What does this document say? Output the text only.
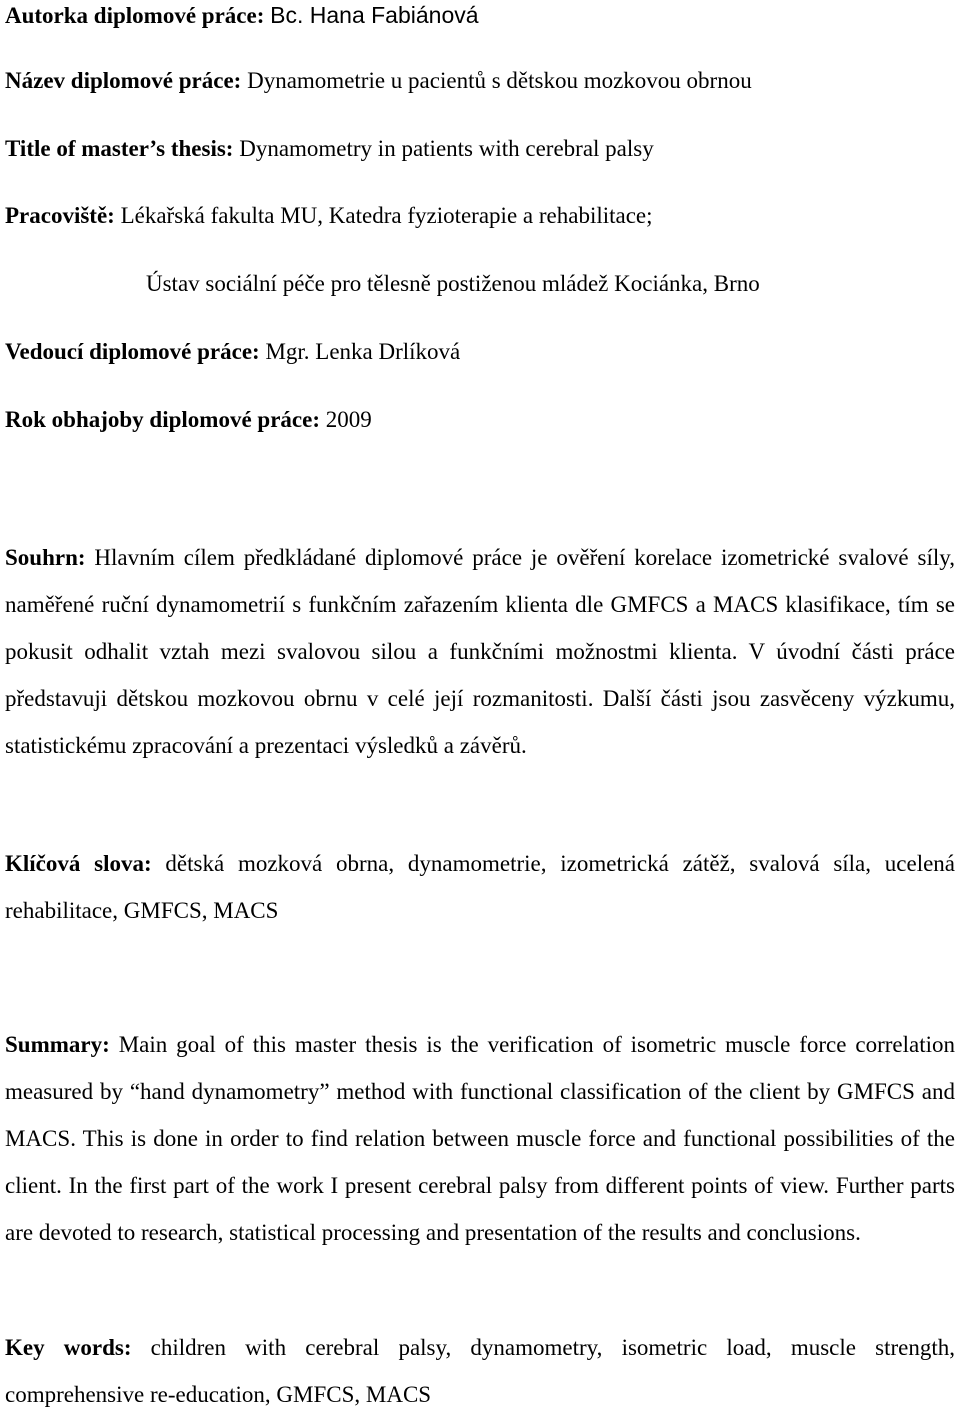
Autorka diplomové práce: Bc. Hana Fabiánová
Název diplomové práce: Dynamometrie u pacientů s dětskou mozkovou obrnou
Title of master’s thesis: Dynamometry in patients with cerebral palsy
Pracoviště: Lékařská fakulta MU, Katedra fyzioterapie a rehabilitace;
Ústav sociální péče pro tělesně postiženou mládež Kociánka, Brno
Vedoucí diplomové práce: Mgr. Lenka Drlíková
Rok obhajoby diplomové práce: 2009
Souhrn: Hlavním cílem předkládané diplomové práce je ověření korelace izometrické svalové síly, naměřené ruční dynamometrií s funkčním zařazením klienta dle GMFCS a MACS klasifikace, tím se pokusit odhalit vztah mezi svalovou silou a funkčními možnostmi klienta. V úvodní části práce představuji dětskou mozkovou obrnu v celé její rozmanitosti. Další části jsou zasvěceny výzkumu, statistickému zpracování a prezentaci výsledků a závěrů.
Klíčová slova: dětská mozková obrna, dynamometrie, izometrická zátěž, svalová síla, ucelená rehabilitace, GMFCS, MACS
Summary: Main goal of this master thesis is the verification of isometric muscle force correlation measured by “hand dynamometry” method with functional classification of the client by GMFCS and MACS. This is done in order to find relation between muscle force and functional possibilities of the client. In the first part of the work I present cerebral palsy from different points of view. Further parts are devoted to research, statistical processing and presentation of the results and conclusions.
Key words: children with cerebral palsy, dynamometry, isometric load, muscle strength, comprehensive re-education, GMFCS, MACS
